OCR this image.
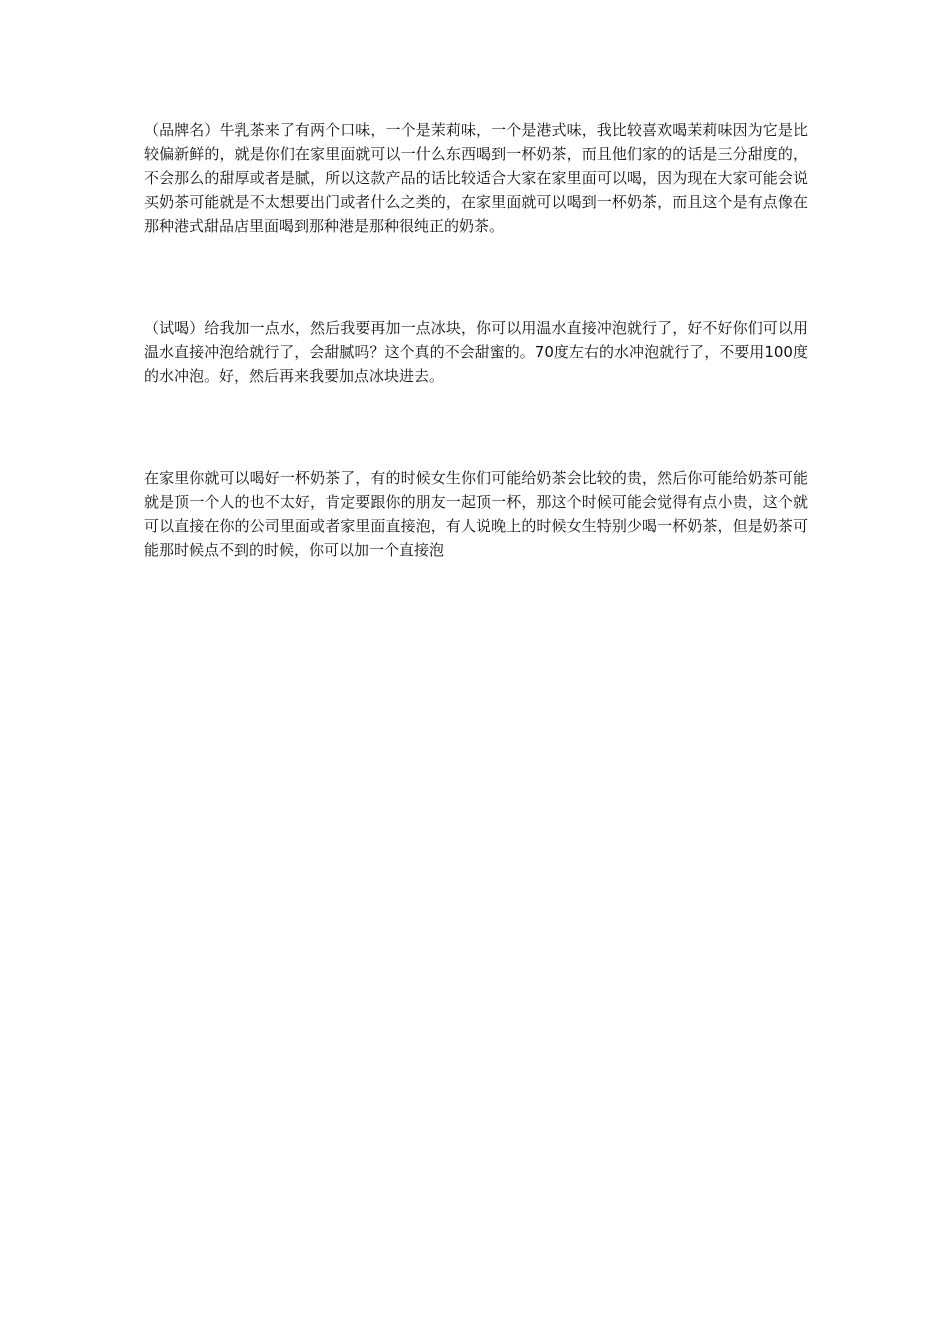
（品牌名）牛乳茶来了有两个口味，一个是茉莉味，一个是港式味，我比较喜欢喝茉莉味因为它是比较偏新鲜的，就是你们在家里面就可以一什么东西喝到一杯奶茶，而且他们家的的话是三分甜度的，不会那么的甜厚或者是腻，所以这款产品的话比较适合大家在家里面可以喝，因为现在大家可能会说买奶茶可能就是不太想要出门或者什么之类的，在家里面就可以喝到一杯奶茶，而且这个是有点像在那种港式甜品店里面喝到那种港是那种很纯正的奶茶。

（试喝）给我加一点水，然后我要再加一点冰块，你可以用温水直接冲泡就行了，好不好你们可以用温水直接冲泡给就行了，会甜腻吗？这个真的不会甜蜜的。70度左右的水冲泡就行了，不要用100度的水冲泡。好，然后再来我要加点冰块进去。

在家里你就可以喝好一杯奶茶了，有的时候女生你们可能给奶茶会比较的贵，然后你可能给奶茶可能就是顶一个人的也不太好，肯定要跟你的朋友一起顶一杯，那这个时候可能会觉得有点小贵，这个就可以直接在你的公司里面或者家里面直接泡，有人说晚上的时候女生特别少喝一杯奶茶，但是奶茶可能那时候点不到的时候，你可以加一个直接泡
